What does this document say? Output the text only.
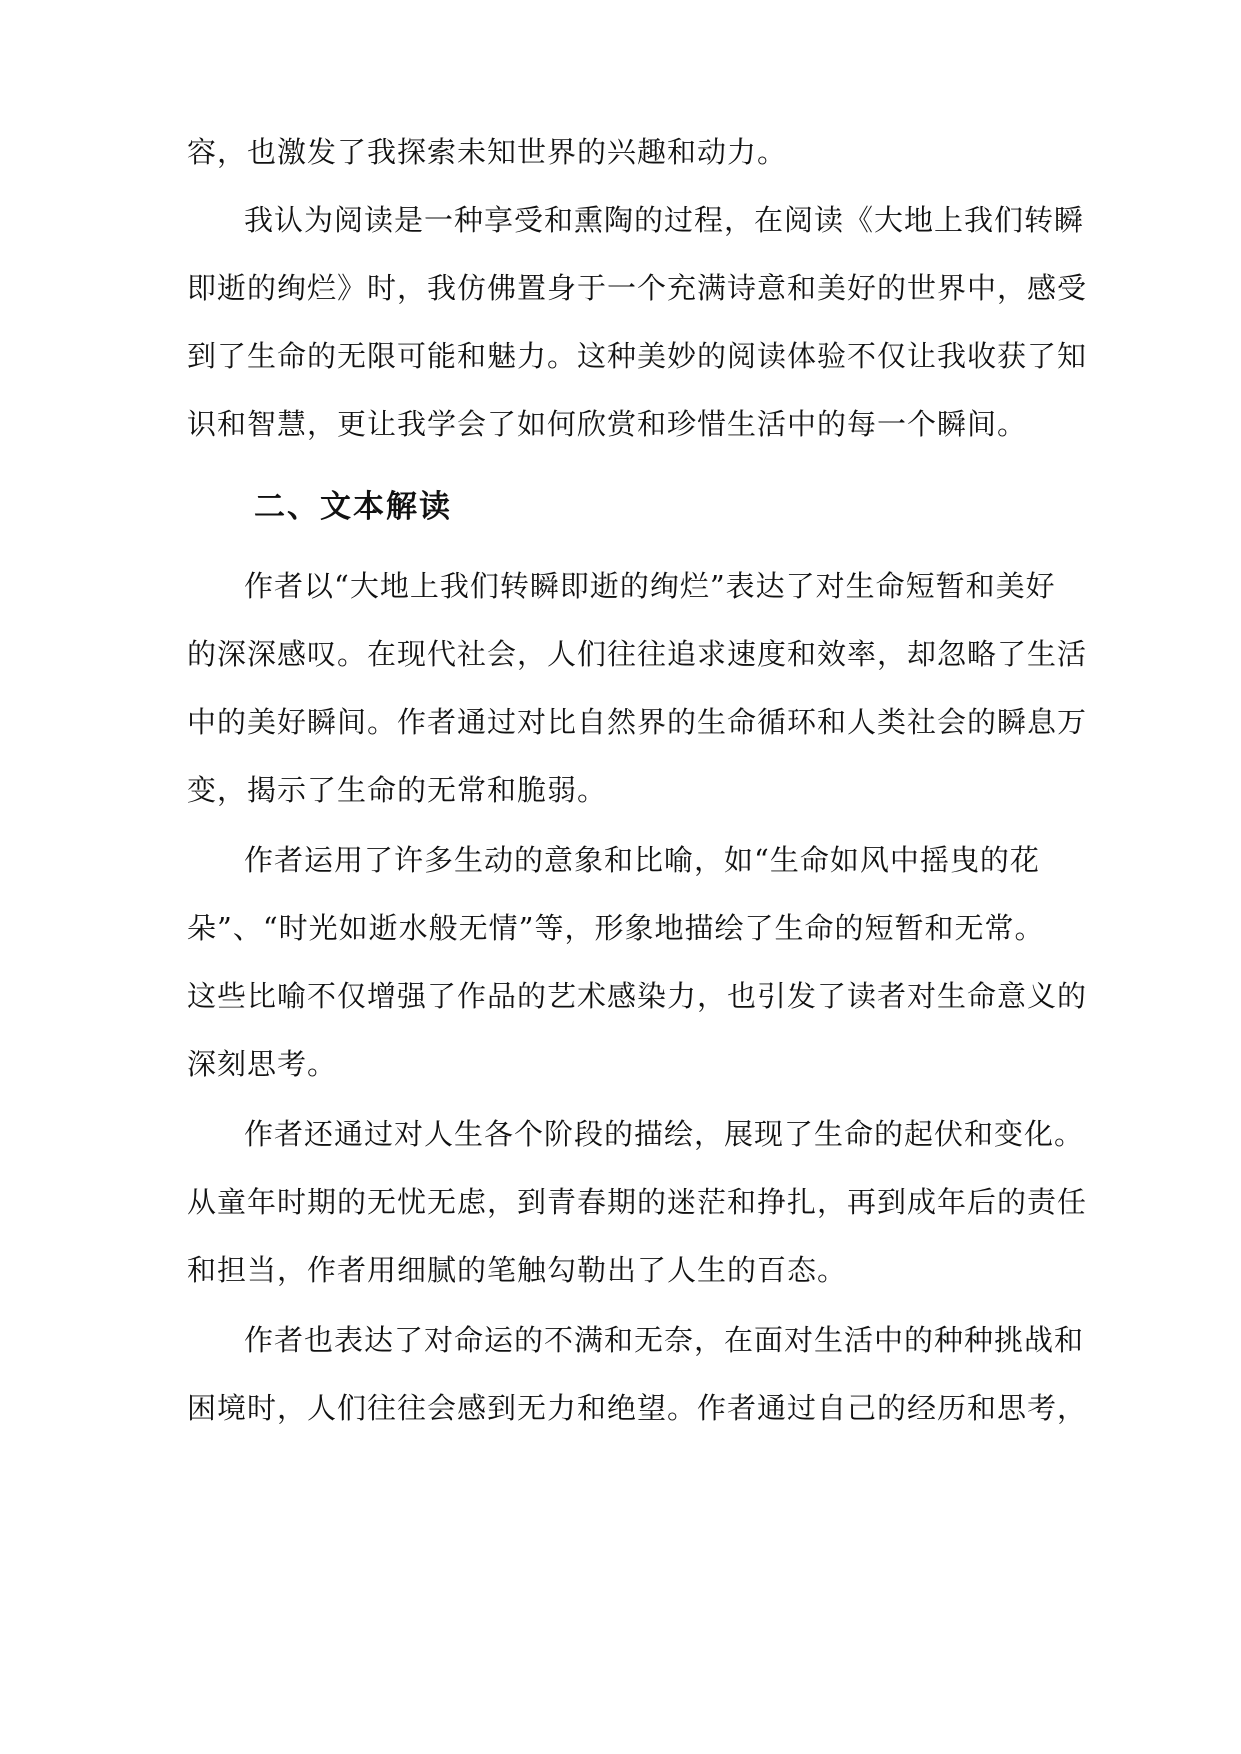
容，也激发了我探索未知世界的兴趣和动力。
我认为阅读是一种享受和熏陶的过程，在阅读《大地上我们转瞬
即逝的绚烂》时，我仿佛置身于一个充满诗意和美好的世界中，感受
到了生命的无限可能和魅力。这种美妙的阅读体验不仅让我收获了知
识和智慧，更让我学会了如何欣赏和珍惜生活中的每一个瞬间。
二、文本解读
作者以“大地上我们转瞬即逝的绚烂”表达了对生命短暂和美好
的深深感叹。在现代社会，人们往往追求速度和效率，却忽略了生活
中的美好瞬间。作者通过对比自然界的生命循环和人类社会的瞬息万
变，揭示了生命的无常和脆弱。
作者运用了许多生动的意象和比喻，如“生命如风中摇曳的花
朵”、“时光如逝水般无情”等，形象地描绘了生命的短暂和无常。
这些比喻不仅增强了作品的艺术感染力，也引发了读者对生命意义的
深刻思考。
作者还通过对人生各个阶段的描绘，展现了生命的起伏和变化。
从童年时期的无忧无虑，到青春期的迷茫和挣扎，再到成年后的责任
和担当，作者用细腻的笔触勾勒出了人生的百态。
作者也表达了对命运的不满和无奈，在面对生活中的种种挑战和
困境时，人们往往会感到无力和绝望。作者通过自己的经历和思考，
